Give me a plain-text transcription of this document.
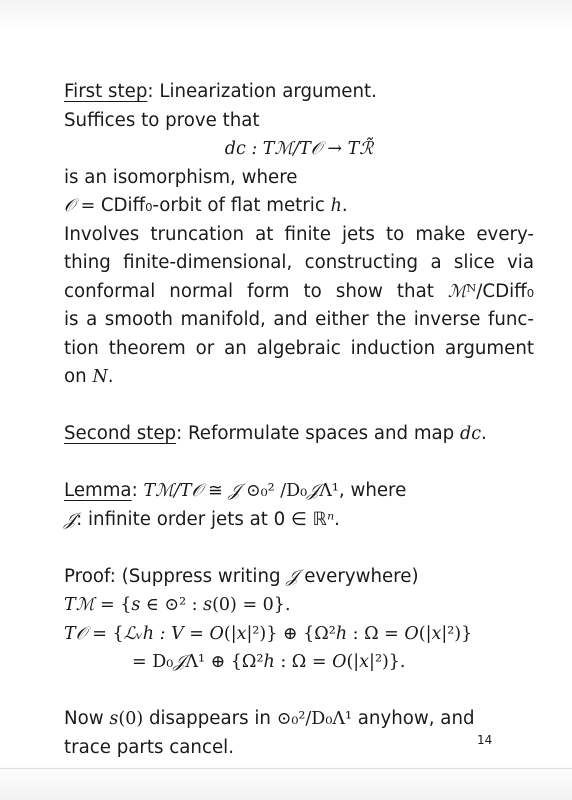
First step: Linearization argument.
Suffices to prove that
dc : Tℳ/T𝒪 → Tℛ̃
is an isomorphism, where
𝒪 = CDiff₀-orbit of flat metric h.
Involves truncation at finite jets to make every-
thing finite-dimensional, constructing a slice via
conformal normal form to show that ℳᴺ/CDiff₀
is a smooth manifold, and either the inverse func-
tion theorem or an algebraic induction argument
on N.
Second step: Reformulate spaces and map dc.
Lemma: Tℳ/T𝒪 ≅ 𝒥 ⊙₀² /D₀𝒥Λ¹, where
𝒥: infinite order jets at 0 ∈ ℝⁿ.
Proof: (Suppress writing 𝒥 everywhere)
Tℳ = {s ∈ ⊙² : s(0) = 0}.
T𝒪 = {ℒᵥh : V = O(|x|²)} ⊕ {Ω²h : Ω = O(|x|²)}
= D₀𝒥Λ¹ ⊕ {Ω²h : Ω = O(|x|²)}.
Now s(0) disappears in ⊙₀²/D₀Λ¹ anyhow, and
trace parts cancel.	14
